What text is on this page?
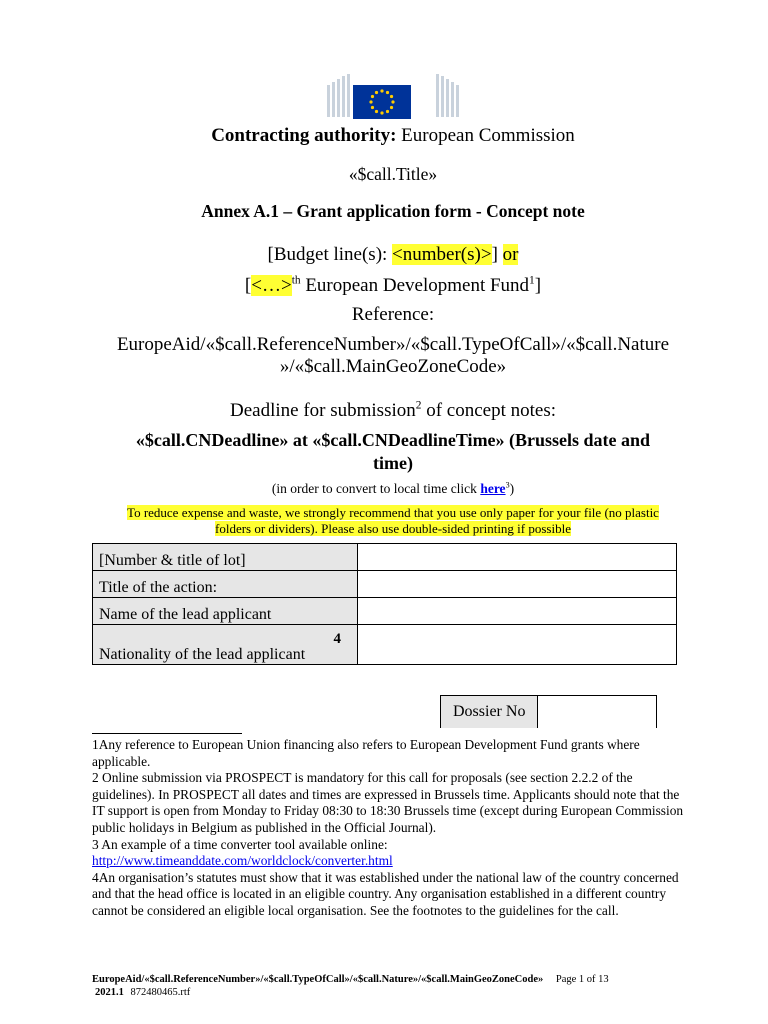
Contracting authority: European Commission
«$call.Title»
Annex A.1 – Grant application form - Concept note
[Budget line(s): <number(s)>] or
[<…>$^{th}$ European Development Fund$^1$]
Reference:
EuropeAid/«$call.ReferenceNumber»/«$call.TypeOfCall»/«$call.Nature
»/«$call.MainGeoZoneCode»
Deadline for submission$^2$ of concept notes:
«$call.CNDeadline» at «$call.CNDeadlineTime» (Brussels date and
time)
(in order to convert to local time click here$^3$)
To reduce expense and waste, we strongly recommend that you use only paper for your file (no plastic
folders or dividers). Please also use double-sided printing if possible
[Number & title of lot]	
Title of the action:	
Name of the lead applicant	
Nationality of the lead applicant
4	

Dossier No	

1Any reference to European Union financing also refers to European Development Fund grants where applicable.

2 Online submission via PROSPECT is mandatory for this call for proposals (see section 2.2.2 of the guidelines). In PROSPECT all dates and times are expressed in Brussels time. Applicants should note that the IT support is open from Monday to Friday 08:30 to 18:30 Brussels time (except during European Commission public holidays in Belgium as published in the Official Journal).

3 An example of a time converter tool available online:

http://www.timeanddate.com/worldclock/converter.html

4An organisation’s statutes must show that it was established under the national law of the country concerned and that the head office is located in an eligible country. Any organisation established in a different country cannot be considered an eligible local organisation. See the footnotes to the guidelines for the call.

EuropeAid/«$call.ReferenceNumber»/«$call.TypeOfCall»/«$call.Nature»/«$call.MainGeoZoneCode» Page 1 of 13
2021.1 872480465.rtf
